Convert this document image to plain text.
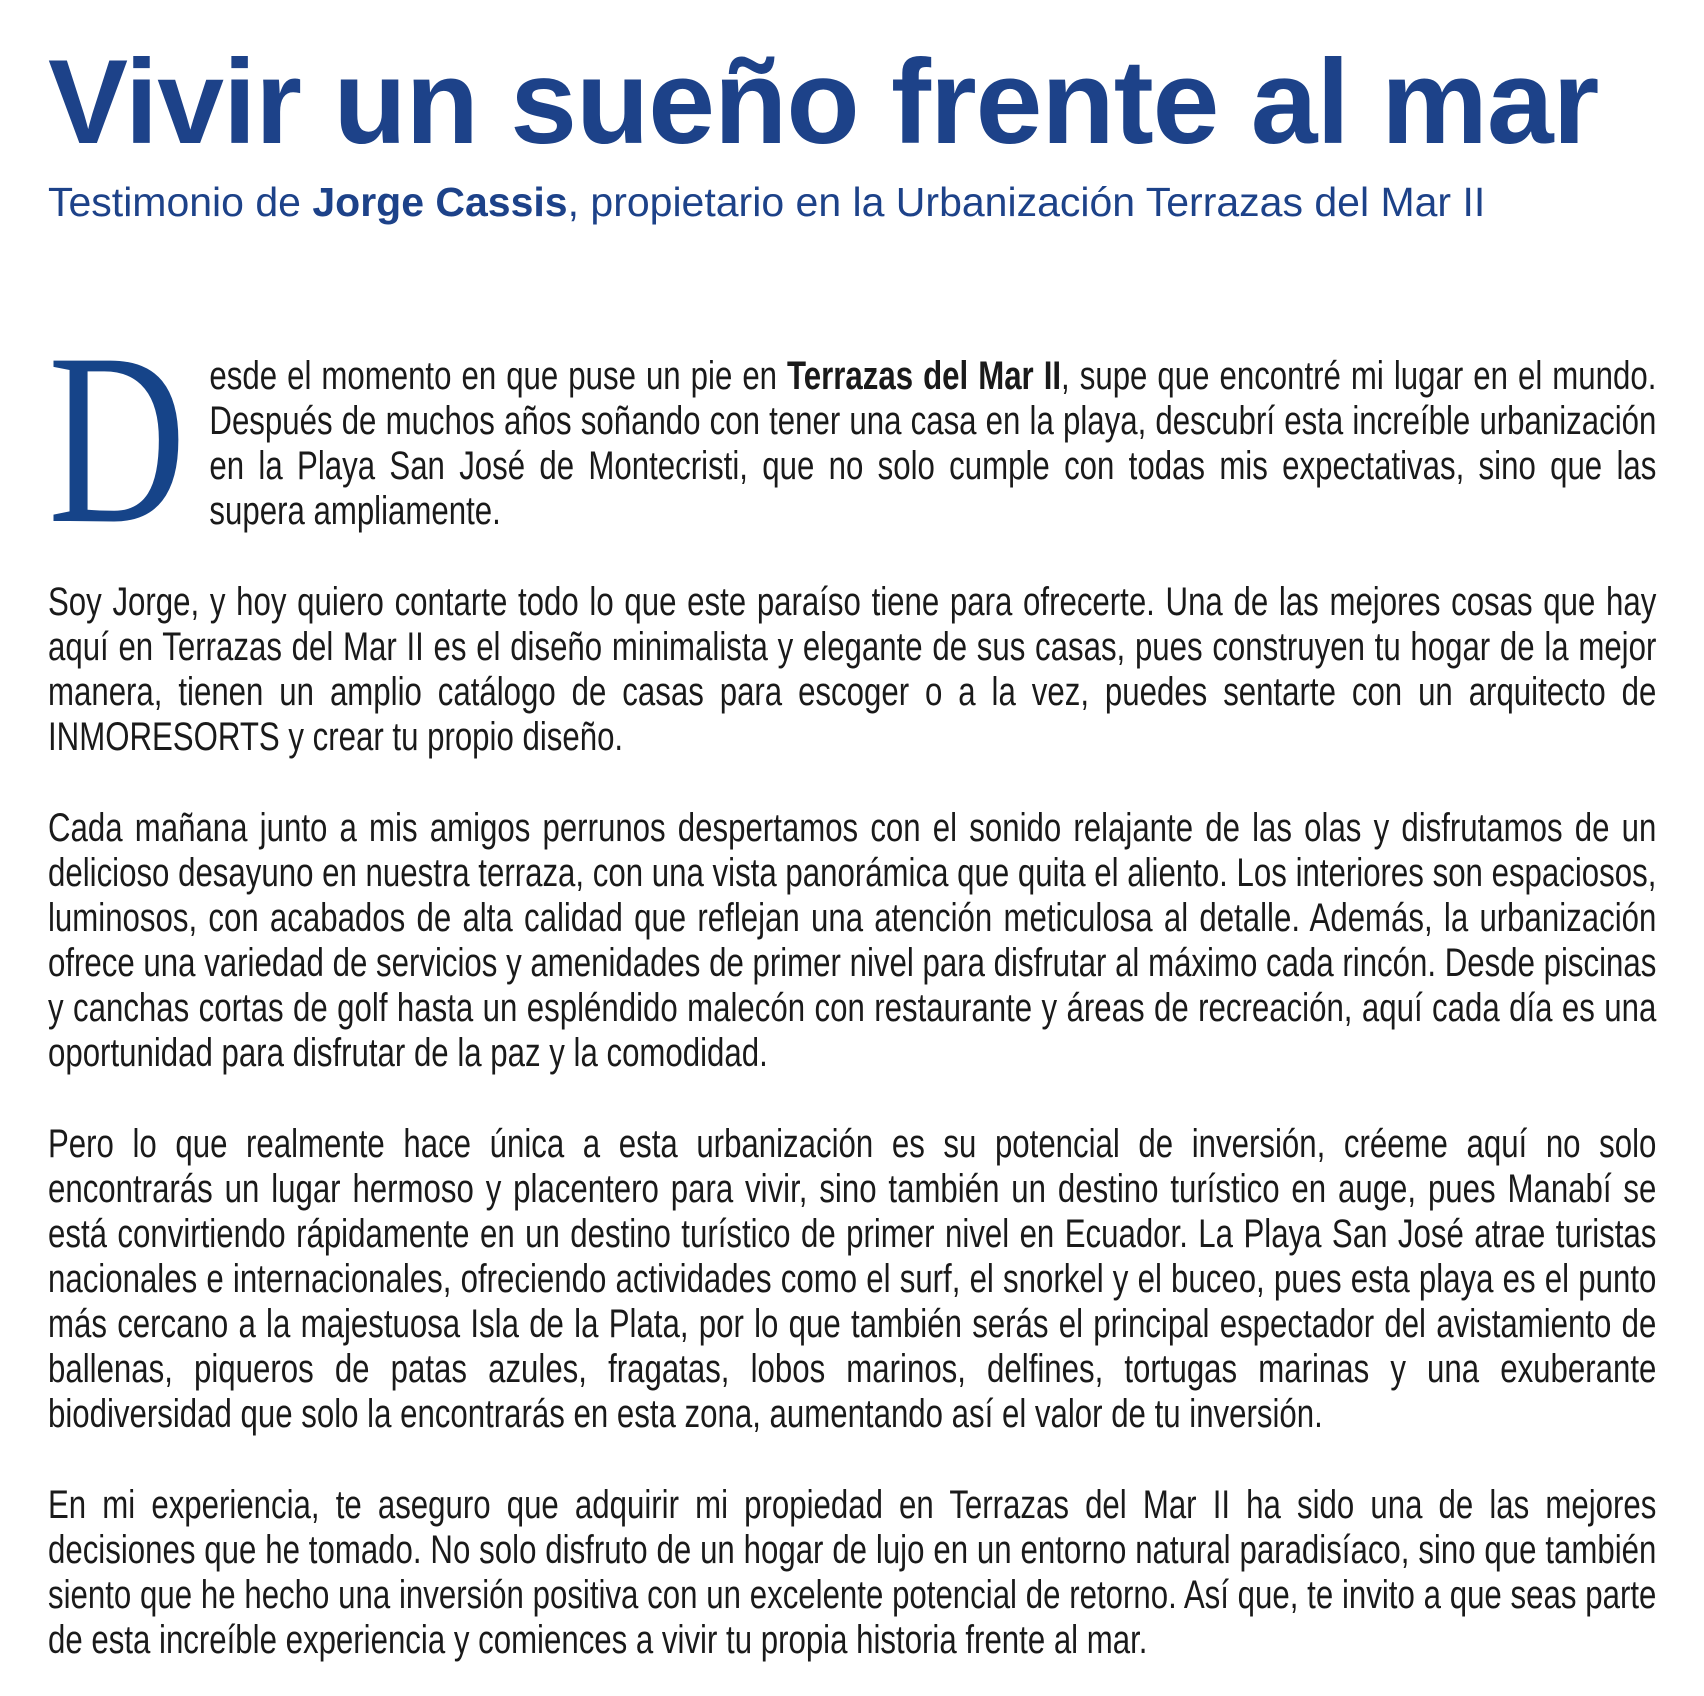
Vivir un sueño frente al mar

Testimonio de Jorge Cassis, propietario en la Urbanización Terrazas del Mar II

Desde el momento en que puse un pie en Terrazas del Mar II, supe que encontré mi lugar en el mundo. Después de muchos años soñando con tener una casa en la playa, descubrí esta increíble urbanización en la Playa San José de Montecristi, que no solo cumple con todas mis expectativas, sino que las supera ampliamente.

Soy Jorge, y hoy quiero contarte todo lo que este paraíso tiene para ofrecerte. Una de las mejores cosas que hay aquí en Terrazas del Mar II es el diseño minimalista y elegante de sus casas, pues construyen tu hogar de la mejor manera, tienen un amplio catálogo de casas para escoger o a la vez, puedes sentarte con un arquitecto de INMORESORTS y crear tu propio diseño.

Cada mañana junto a mis amigos perrunos despertamos con el sonido relajante de las olas y disfrutamos de un delicioso desayuno en nuestra terraza, con una vista panorámica que quita el aliento. Los interiores son espaciosos, luminosos, con acabados de alta calidad que reflejan una atención meticulosa al detalle. Además, la urbanización ofrece una variedad de servicios y amenidades de primer nivel para disfrutar al máximo cada rincón. Desde piscinas y canchas cortas de golf hasta un espléndido malecón con restaurante y áreas de recreación, aquí cada día es una oportunidad para disfrutar de la paz y la comodidad.

Pero lo que realmente hace única a esta urbanización es su potencial de inversión, créeme aquí no solo encontrarás un lugar hermoso y placentero para vivir, sino también un destino turístico en auge, pues Manabí se está convirtiendo rápidamente en un destino turístico de primer nivel en Ecuador. La Playa San José atrae turistas nacionales e internacionales, ofreciendo actividades como el surf, el snorkel y el buceo, pues esta playa es el punto más cercano a la majestuosa Isla de la Plata, por lo que también serás el principal espectador del avistamiento de ballenas, piqueros de patas azules, fragatas, lobos marinos, delfines, tortugas marinas y una exuberante biodiversidad que solo la encontrarás en esta zona, aumentando así el valor de tu inversión.

En mi experiencia, te aseguro que adquirir mi propiedad en Terrazas del Mar II ha sido una de las mejores decisiones que he tomado. No solo disfruto de un hogar de lujo en un entorno natural paradisíaco, sino que también siento que he hecho una inversión positiva con un excelente potencial de retorno. Así que, te invito a que seas parte de esta increíble experiencia y comiences a vivir tu propia historia frente al mar.
